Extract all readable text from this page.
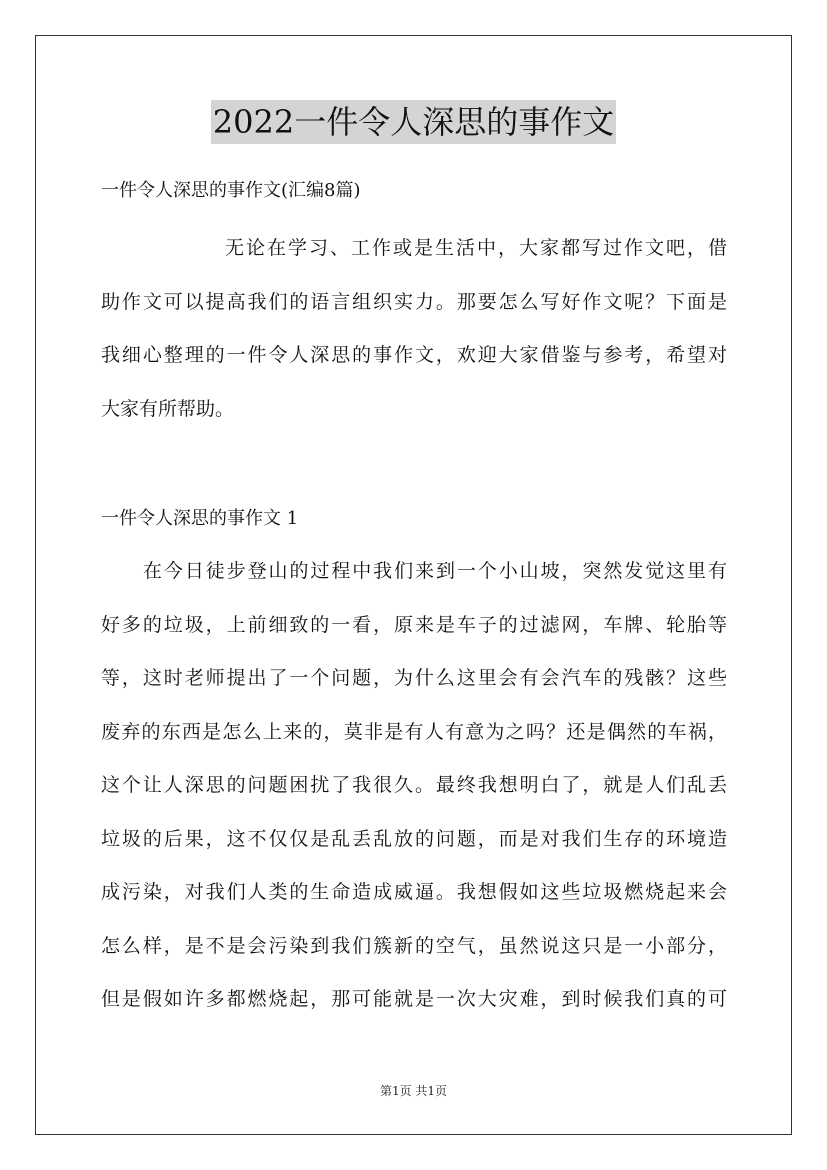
2022一件令人深思的事作文
一件令人深思的事作文(汇编8篇)
无论在学习、工作或是生活中，大家都写过作文吧，借
助作文可以提高我们的语言组织实力。那要怎么写好作文呢？下面是
我细心整理的一件令人深思的事作文，欢迎大家借鉴与参考，希望对
大家有所帮助。
一件令人深思的事作文 1
在今日徒步登山的过程中我们来到一个小山坡，突然发觉这里有
好多的垃圾，上前细致的一看，原来是车子的过滤网，车牌、轮胎等
等，这时老师提出了一个问题，为什么这里会有会汽车的残骸？这些
废弃的东西是怎么上来的，莫非是有人有意为之吗？还是偶然的车祸，
这个让人深思的问题困扰了我很久。最终我想明白了，就是人们乱丢
垃圾的后果，这不仅仅是乱丢乱放的问题，而是对我们生存的环境造
成污染，对我们人类的生命造成威逼。我想假如这些垃圾燃烧起来会
怎么样，是不是会污染到我们簇新的空气，虽然说这只是一小部分，
但是假如许多都燃烧起，那可能就是一次大灾难，到时候我们真的可
第1页 共1页
